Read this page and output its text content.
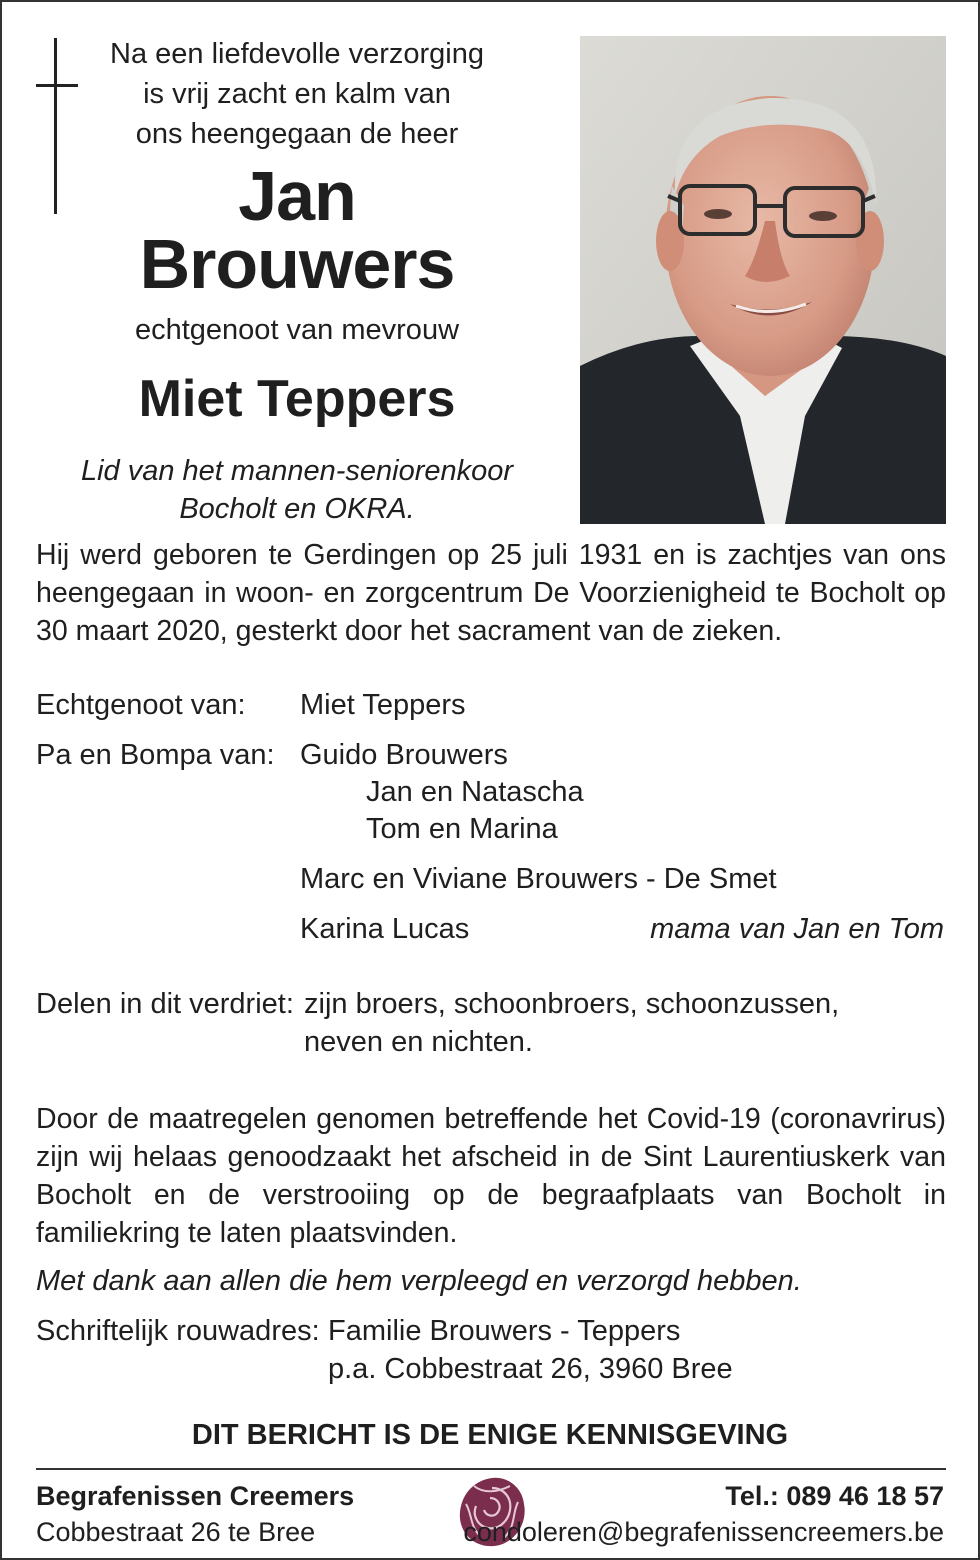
Na een liefdevolle verzorging
is vrij zacht en kalm van
ons heengegaan de heer
Jan
Brouwers
echtgenoot van mevrouw
Miet Teppers
Lid van het mannen-seniorenkoor
Bocholt en OKRA.
Hij werd geboren te Gerdingen op 25 juli 1931 en is zachtjes van ons heengegaan in woon- en zorgcentrum De Voorzienigheid te Bocholt op 30 maart 2020, gesterkt door het sacrament van de zieken.
Echtgenoot van: Miet Teppers
Pa en Bompa van: Guido Brouwers
Jan en Natascha
Tom en Marina
Marc en Viviane Brouwers - De Smet
Karina Lucas	mama van Jan en Tom
Delen in dit verdriet: zijn broers, schoonbroers, schoonzussen,
neven en nichten.
Door de maatregelen genomen betreffende het Covid-19 (coronavrirus) zijn wij helaas genoodzaakt het afscheid in de Sint Laurentiuskerk van Bocholt en de verstrooiing op de begraafplaats van Bocholt in familiekring te laten plaatsvinden.
Met dank aan allen die hem verpleegd en verzorgd hebben.
Schriftelijk rouwadres: Familie Brouwers - Teppers
p.a. Cobbestraat 26, 3960 Bree
DIT BERICHT IS DE ENIGE KENNISGEVING
Begrafenissen Creemers
Cobbestraat 26 te Bree
Tel.: 089 46 18 57
condoleren@begrafenissencreemers.be
